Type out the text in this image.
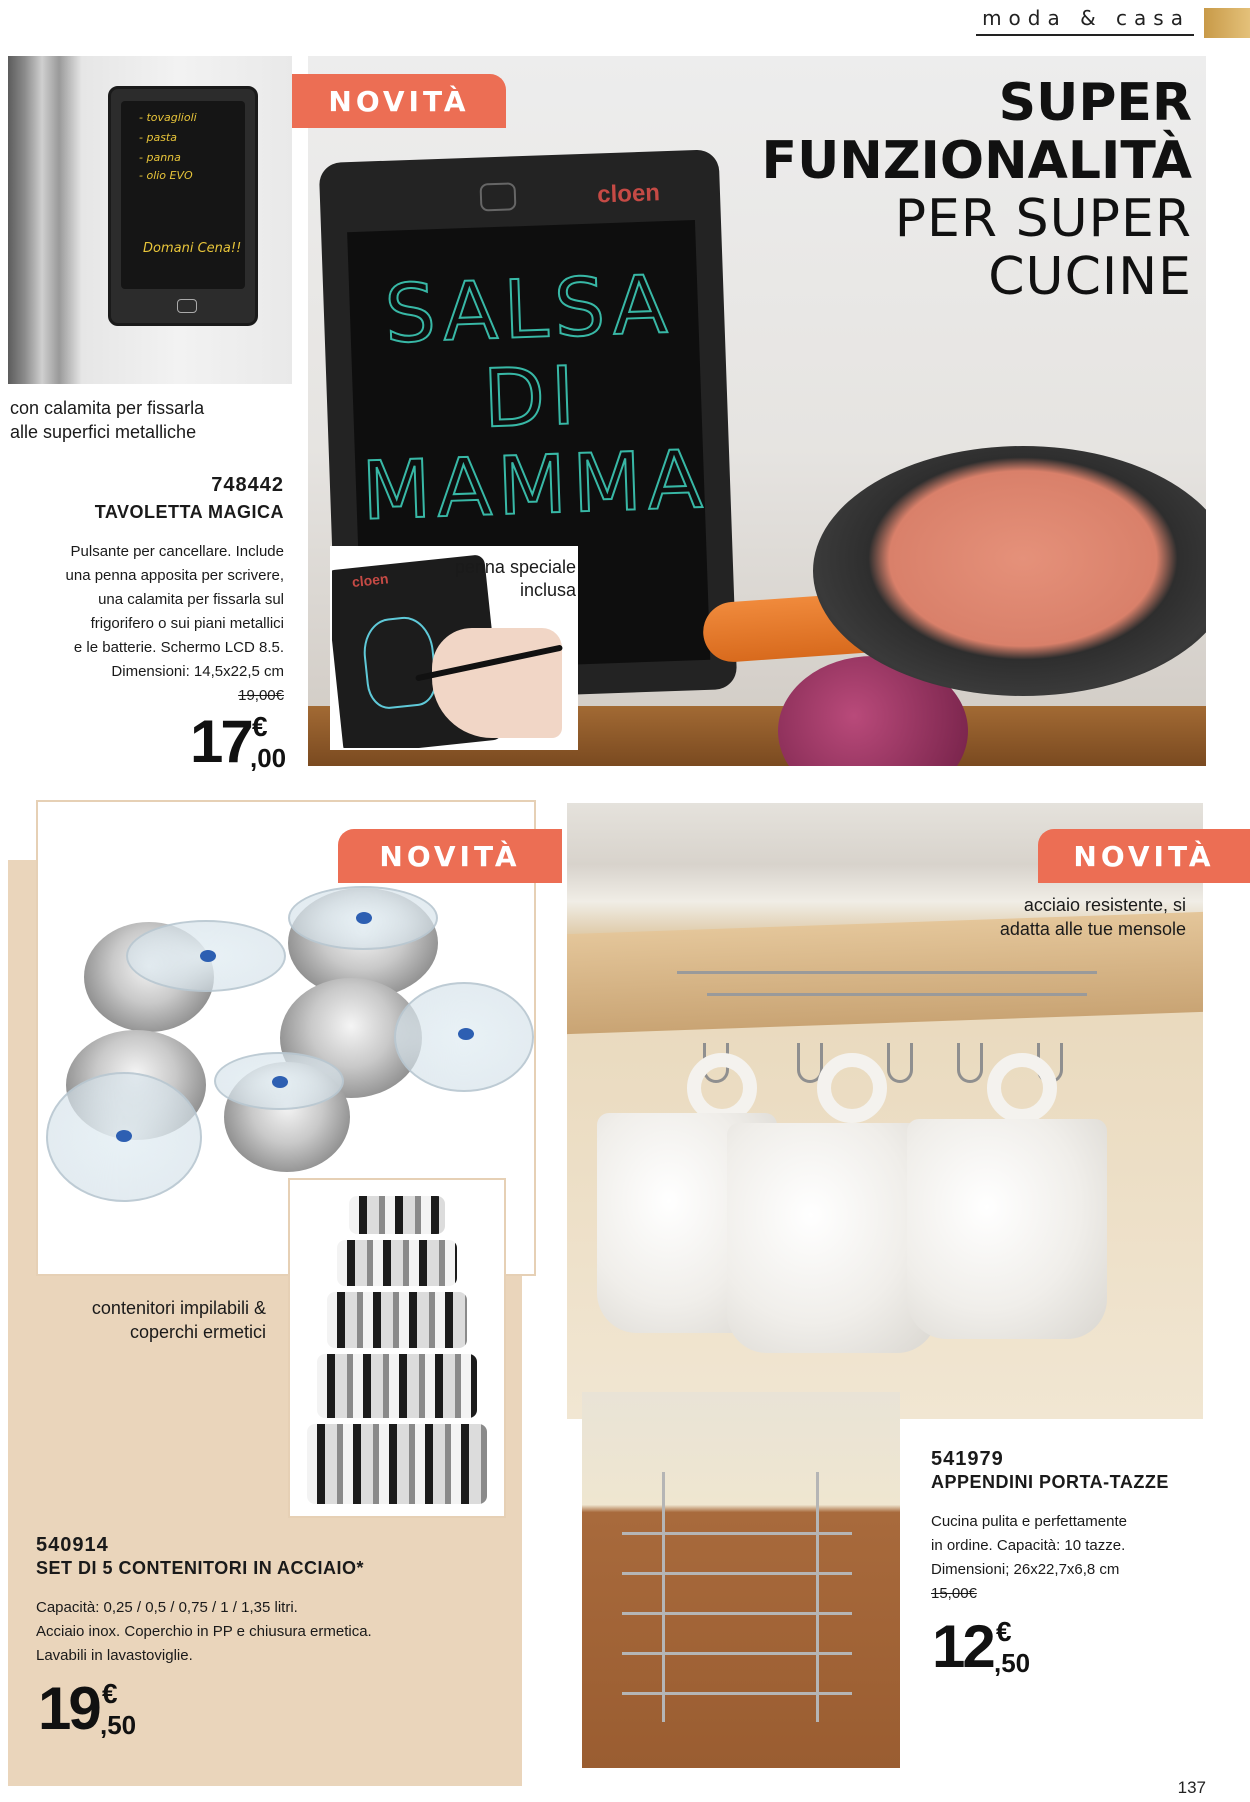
moda & casa
- tovaglioli
- pasta
- panna
- olio EVO
Domani Cena!!
cloen
SALSA DI MAMMA
cloen
penna speciale inclusa
NOVITÀ	SUPER
FUNZIONALITÀ
PER SUPER
CUCINE
con calamita per fissarla alle superfici metalliche
748442
TAVOLETTA MAGICA
Pulsante per cancellare. Include
una penna apposita per scrivere,
una calamita per fissarla sul
frigorifero o sui piani metallici
e le batterie. Schermo LCD 8.5.
Dimensioni: 14,5x22,5 cm
19,00€
17 €
,00
NOVITÀ
contenitori impilabili & coperchi ermetici
540914
SET DI 5 CONTENITORI IN ACCIAIO*
Capacità: 0,25 / 0,5 / 0,75 / 1 / 1,35 litri.
Acciaio inox. Coperchio in PP e chiusura ermetica.
Lavabili in lavastoviglie.
19 €
,50
NOVITÀ
acciaio resistente, si adatta alle tue mensole
541979
APPENDINI PORTA-TAZZE
Cucina pulita e perfettamente
in ordine. Capacità: 10 tazze.
Dimensioni; 26x22,7x6,8 cm
15,00€
12 €
,50
137
